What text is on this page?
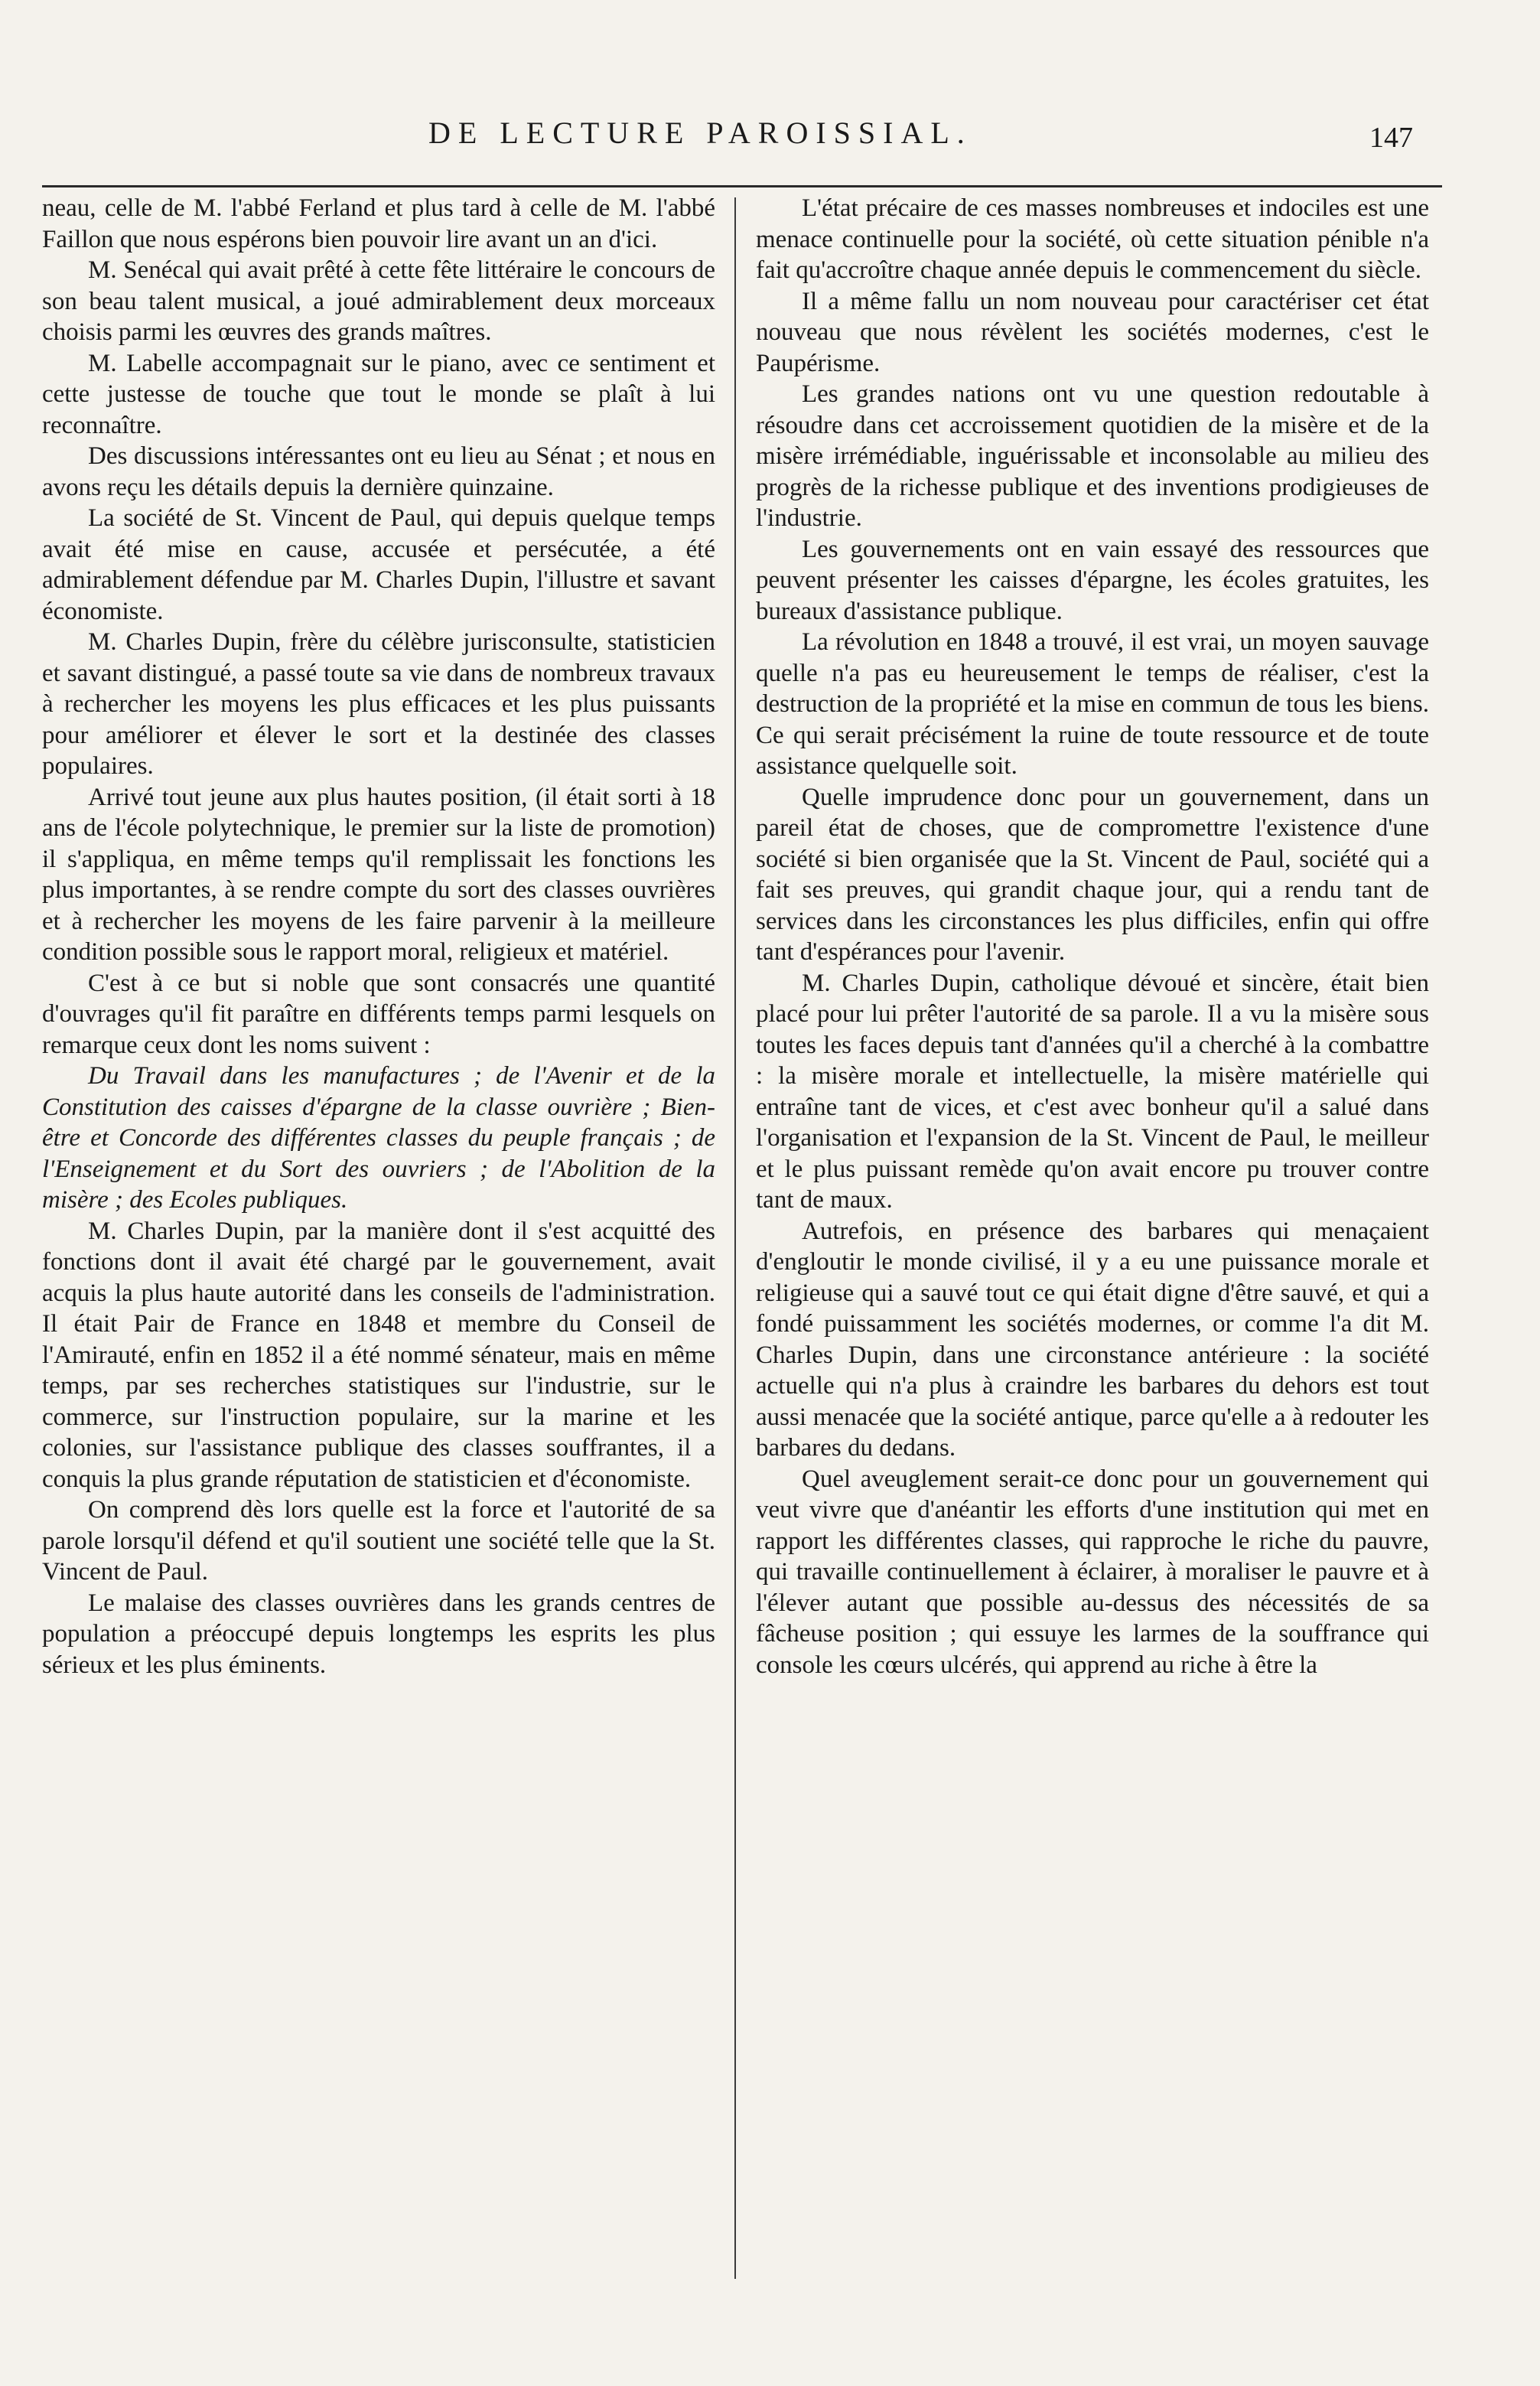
DE LECTURE PAROISSIAL.	147

neau, celle de M. l'abbé Ferland et plus tard à celle de M. l'abbé Faillon que nous espérons bien pouvoir lire avant un an d'ici.

M. Senécal qui avait prêté à cette fête littéraire le concours de son beau talent musical, a joué admirablement deux morceaux choisis parmi les œuvres des grands maîtres.

M. Labelle accompagnait sur le piano, avec ce sentiment et cette justesse de touche que tout le monde se plaît à lui reconnaître.

Des discussions intéressantes ont eu lieu au Sénat ; et nous en avons reçu les détails depuis la dernière quinzaine.

La société de St. Vincent de Paul, qui depuis quelque temps avait été mise en cause, accusée et persécutée, a été admirablement défendue par M. Charles Dupin, l'illustre et savant économiste.

M. Charles Dupin, frère du célèbre jurisconsulte, statisticien et savant distingué, a passé toute sa vie dans de nombreux travaux à rechercher les moyens les plus efficaces et les plus puissants pour améliorer et élever le sort et la destinée des classes populaires.

Arrivé tout jeune aux plus hautes position, (il était sorti à 18 ans de l'école polytechnique, le premier sur la liste de promotion) il s'appliqua, en même temps qu'il remplissait les fonctions les plus importantes, à se rendre compte du sort des classes ouvrières et à rechercher les moyens de les faire parvenir à la meilleure condition possible sous le rapport moral, religieux et matériel.

C'est à ce but si noble que sont consacrés une quantité d'ouvrages qu'il fit paraître en différents temps parmi lesquels on remarque ceux dont les noms suivent :

Du Travail dans les manufactures ; de l'Avenir et de la Constitution des caisses d'épargne de la classe ouvrière ; Bien-être et Concorde des différentes classes du peuple français ; de l'Enseignement et du Sort des ouvriers ; de l'Abolition de la misère ; des Ecoles publiques.

M. Charles Dupin, par la manière dont il s'est acquitté des fonctions dont il avait été chargé par le gouvernement, avait acquis la plus haute autorité dans les conseils de l'administration. Il était Pair de France en 1848 et membre du Conseil de l'Amirauté, enfin en 1852 il a été nommé sénateur, mais en même temps, par ses recherches statistiques sur l'industrie, sur le commerce, sur l'instruction populaire, sur la marine et les colonies, sur l'assistance publique des classes souffrantes, il a conquis la plus grande réputation de statisticien et d'économiste.

On comprend dès lors quelle est la force et l'autorité de sa parole lorsqu'il défend et qu'il soutient une société telle que la St. Vincent de Paul.

Le malaise des classes ouvrières dans les grands centres de population a préoccupé depuis longtemps les esprits les plus sérieux et les plus éminents.

L'état précaire de ces masses nombreuses et indociles est une menace continuelle pour la société, où cette situation pénible n'a fait qu'accroître chaque année depuis le commencement du siècle.

Il a même fallu un nom nouveau pour caractériser cet état nouveau que nous révèlent les sociétés modernes, c'est le Paupérisme.

Les grandes nations ont vu une question redoutable à résoudre dans cet accroissement quotidien de la misère et de la misère irrémédiable, inguérissable et inconsolable au milieu des progrès de la richesse publique et des inventions prodigieuses de l'industrie.

Les gouvernements ont en vain essayé des ressources que peuvent présenter les caisses d'épargne, les écoles gratuites, les bureaux d'assistance publique.

La révolution en 1848 a trouvé, il est vrai, un moyen sauvage quelle n'a pas eu heureusement le temps de réaliser, c'est la destruction de la propriété et la mise en commun de tous les biens. Ce qui serait précisément la ruine de toute ressource et de toute assistance quelquelle soit.

Quelle imprudence donc pour un gouvernement, dans un pareil état de choses, que de compromettre l'existence d'une société si bien organisée que la St. Vincent de Paul, société qui a fait ses preuves, qui grandit chaque jour, qui a rendu tant de services dans les circonstances les plus difficiles, enfin qui offre tant d'espérances pour l'avenir.

M. Charles Dupin, catholique dévoué et sincère, était bien placé pour lui prêter l'autorité de sa parole. Il a vu la misère sous toutes les faces depuis tant d'années qu'il a cherché à la combattre : la misère morale et intellectuelle, la misère matérielle qui entraîne tant de vices, et c'est avec bonheur qu'il a salué dans l'organisation et l'expansion de la St. Vincent de Paul, le meilleur et le plus puissant remède qu'on avait encore pu trouver contre tant de maux.

Autrefois, en présence des barbares qui menaçaient d'engloutir le monde civilisé, il y a eu une puissance morale et religieuse qui a sauvé tout ce qui était digne d'être sauvé, et qui a fondé puissamment les sociétés modernes, or comme l'a dit M. Charles Dupin, dans une circonstance antérieure : la société actuelle qui n'a plus à craindre les barbares du dehors est tout aussi menacée que la société antique, parce qu'elle a à redouter les barbares du dedans.

Quel aveuglement serait-ce donc pour un gouvernement qui veut vivre que d'anéantir les efforts d'une institution qui met en rapport les différentes classes, qui rapproche le riche du pauvre, qui travaille continuellement à éclairer, à moraliser le pauvre et à l'élever autant que possible au-dessus des nécessités de sa fâcheuse position ; qui essuye les larmes de la souffrance qui console les cœurs ulcérés, qui apprend au riche à être la
